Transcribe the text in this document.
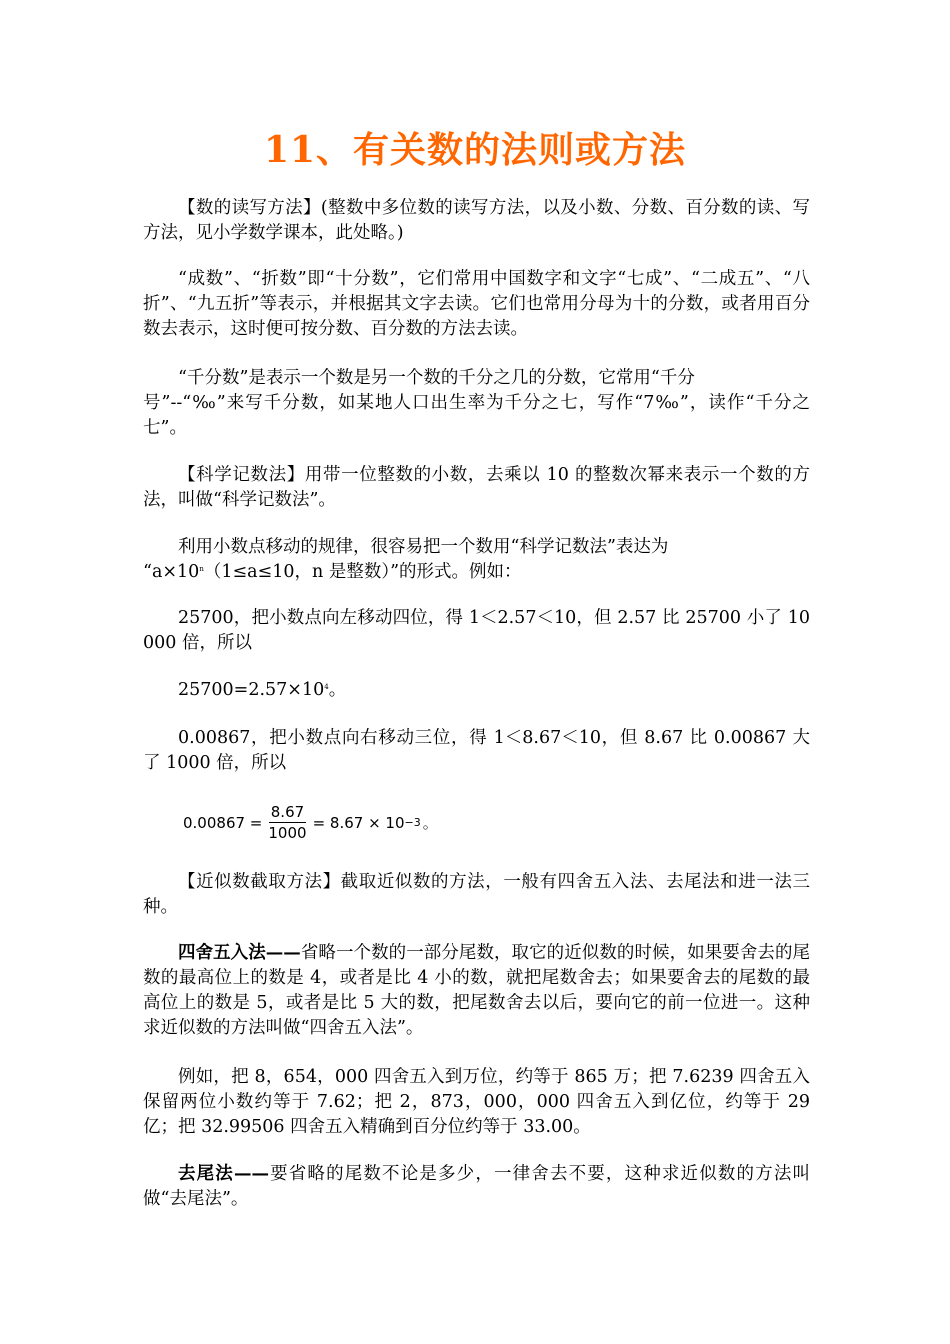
11、有关数的法则或方法

【数的读写方法】(整数中多位数的读写方法，以及小数、分数、百分数的读、写方法，见小学数学课本，此处略。)

“成数”、“折数”即“十分数”，它们常用中国数字和文字“七成”、“二成五”、“八折”、“九五折”等表示，并根据其文字去读。它们也常用分母为十的分数，或者用百分数去表示，这时便可按分数、百分数的方法去读。

“千分数”是表示一个数是另一个数的千分之几的分数，它常用“千分
号”--“‰”来写千分数，如某地人口出生率为千分之七，写作“7‰”，读作“千分之七”。

【科学记数法】用带一位整数的小数，去乘以 10 的整数次幂来表示一个数的方法，叫做“科学记数法”。

利用小数点移动的规律，很容易把一个数用“科学记数法”表达为
“$a\times 10^n(1\le a\le 10$，n 是整数）”的形式。例如：

25700，把小数点向左移动四位，得 1＜2.57＜10，但 2.57 比 25700 小了 10000 倍，所以

$25700=2.57\times 10^4$。

0.00867，把小数点向右移动三位，得 1＜8.67＜10，但 8.67 比 0.00867 大了 1000 倍，所以

$0.00867 = \frac{8.67}{1000} = 8.67 \times 10 -3$ 。

【近似数截取方法】截取近似数的方法，一般有四舍五入法、去尾法和进一法三种。

四舍五入法——省略一个数的一部分尾数，取它的近似数的时候，如果要舍去的尾数的最高位上的数是 4，或者是比 4 小的数，就把尾数舍去；如果要舍去的尾数的最高位上的数是 5，或者是比 5 大的数，把尾数舍去以后，要向它的前一位进一。这种求近似数的方法叫做“四舍五入法”。

例如，把 8，654，000 四舍五入到万位，约等于 865 万；把 7.6239 四舍五入保留两位小数约等于 7.62；把 2，873，000，000 四舍五入到亿位，约等于 29 亿；把 32.99506 四舍五入精确到百分位约等于 33.00。

去尾法——要省略的尾数不论是多少，一律舍去不要，这种求近似数的方法叫做“去尾法”。
